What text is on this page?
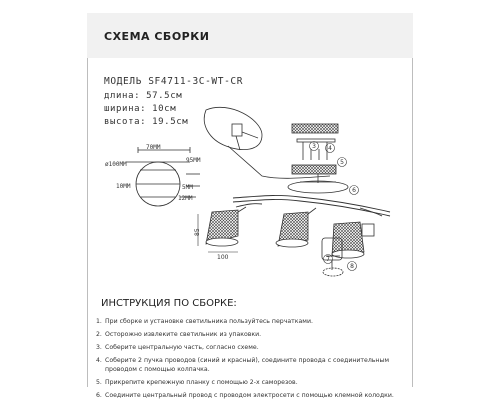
СХЕМА СБОРКИ
МОДЕЛЬ SF4711-3C-WT-CR
длина: 57.5см
ширина: 10см
высота: 19.5см
70MM
95MM
ø100MM
10MM	5MM
12MM
85
100
6
7
8
5
4
3
ИНСТРУКЦИЯ ПО СБОРКЕ:
1. При сборке и установке светильника пользуйтесь перчатками.
2. Осторожно извлеките светильник из упаковки.
3. Соберите центральную часть, согласно схеме.
4. Соберите 2 пучка проводов (синий и красный), соедините провода с соединительным проводом с помощью колпачка.
5. Прикрепите крепежную планку с помощью 2-х саморезов.
6. Соедините центральный провод с проводом электросети с помощью клемной колодки.
